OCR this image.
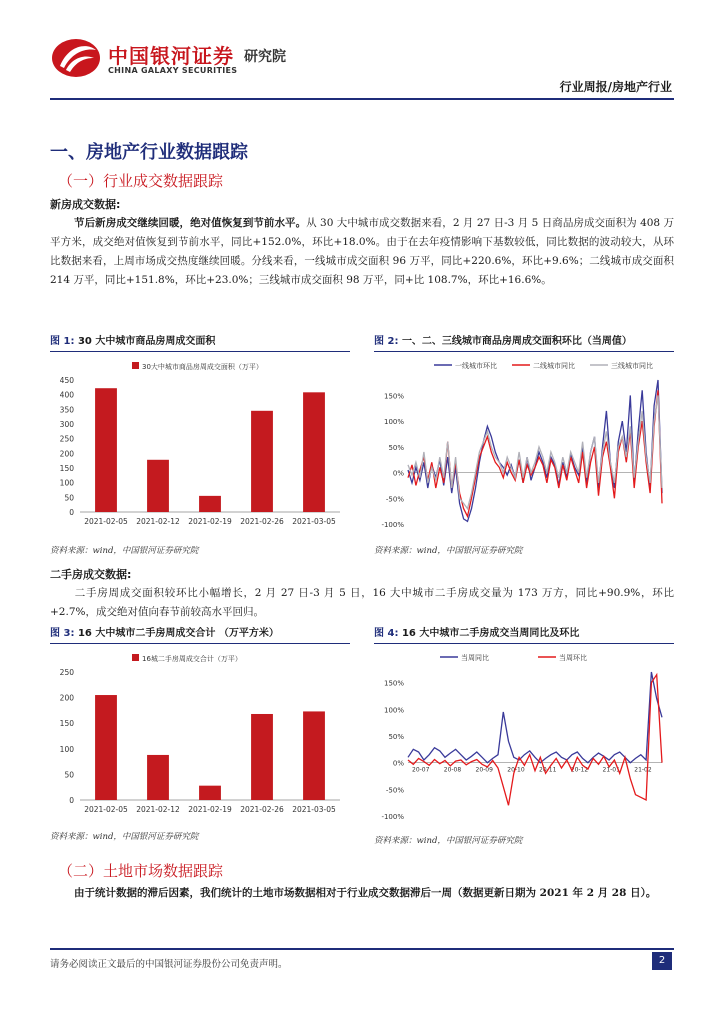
中国银河证券
CHINA GALAXY SECURITIES
研究院
行业周报/房地产行业
一、房地产行业数据跟踪
（一）行业成交数据跟踪
新房成交数据:
节后新房成交继续回暖，绝对值恢复到节前水平。从 30 大中城市成交数据来看，2 月 27 日-3 月 5 日商品房成交面积为 408 万平方米，成交绝对值恢复到节前水平，同比+152.0%，环比+18.0%。由于在去年疫情影响下基数较低，同比数据的波动较大，从环比数据来看，上周市场成交热度继续回暖。分线来看，一线城市成交面积 96 万平，同比+220.6%，环比+9.6%；二线城市成交面积 214 万平，同比+151.8%，环比+23.0%；三线城市成交面积 98 万平，同+比 108.7%，环比+16.6%。
图 1: 30 大中城市商品房周成交面积
30大中城市商品房周成交面积（万平）
0
50
100
150
200
250
300
350
400
450
2021-02-05 2021-02-12 2021-02-19 2021-02-26 2021-03-05
资料来源：wind，中国银河证券研究院
图 2: 一、二、三线城市商品房周成交面积环比（当周值）
一线城市环比	二线城市同比	三线城市同比
-100%
-50%
0%
50%
100%
150%
资料来源：wind，中国银河证券研究院
二手房成交数据:
二手房周成交面积较环比小幅增长，2 月 27 日-3 月 5 日，16 大中城市二手房成交量为 173 万方，同比+90.9%，环比+2.7%，成交绝对值向春节前较高水平回归。
图 3: 16 大中城市二手房周成交合计 （万平方米）
16城二手房周成交合计（万平）
0
50
100
150
200
250
2021-02-05 2021-02-12 2021-02-19 2021-02-26 2021-03-05
资料来源：wind，中国银河证券研究院
图 4: 16 大中城市二手房成交当周同比及环比
当周同比	当周环比
-100%
-50%
0%
50%
100%
150%
20-07 20-08 20-09 20-10 20-11 20-12 21-01 21-02
资料来源：wind，中国银河证券研究院
（二）土地市场数据跟踪
由于统计数据的滞后因素，我们统计的土地市场数据相对于行业成交数据滞后一周（数据更新日期为 2021 年 2 月 28 日）。
请务必阅读正文最后的中国银河证券股份公司免责声明。	2
